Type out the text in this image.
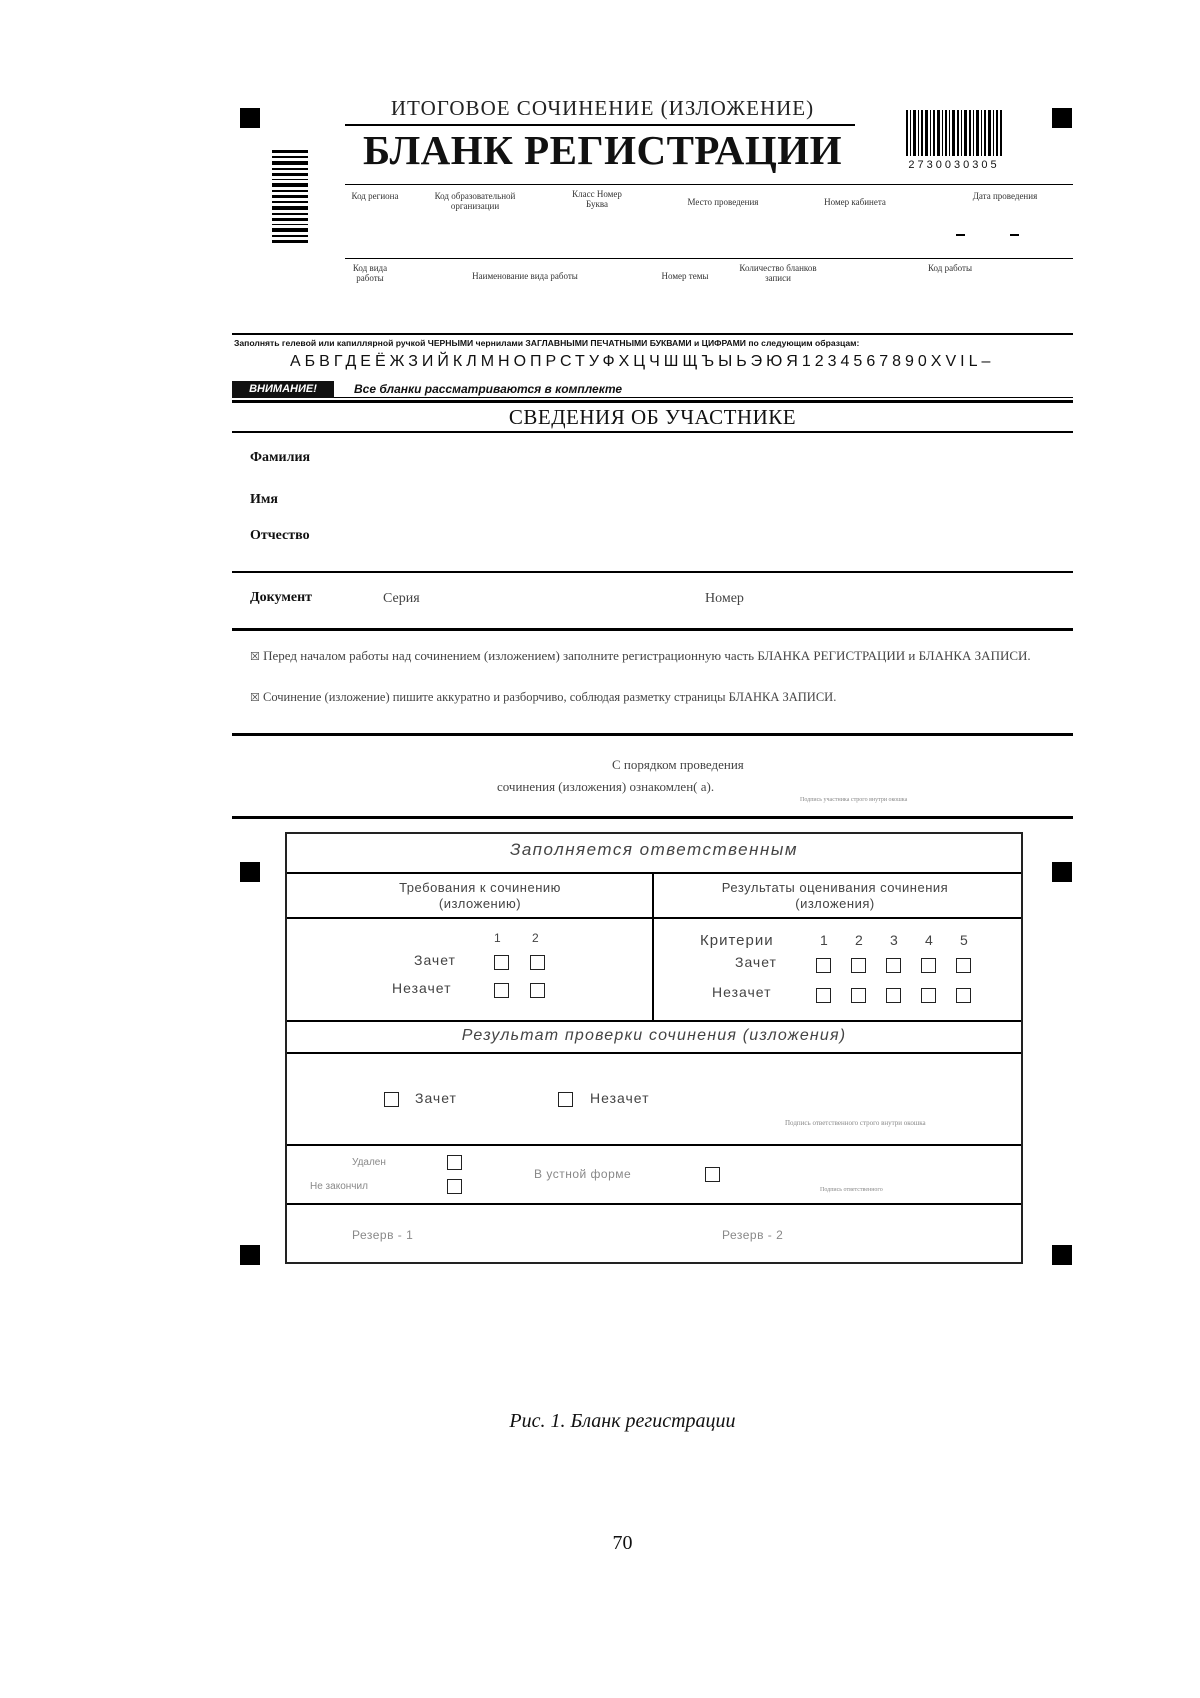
ИТОГОВОЕ СОЧИНЕНИЕ (ИЗЛОЖЕНИЕ)
БЛАНК РЕГИСТРАЦИИ	2730030305
Код региона	Код образовательной организации
Класс Номер Буква	Место проведения	Номер кабинета
Дата проведения
Код вида работы	Наименование вида работы	Номер темы
Количество бланков записи
Код работы
Заполнять гелевой или капиллярной ручкой ЧЕРНЫМИ чернилами ЗАГЛАВНЫМИ ПЕЧАТНЫМИ БУКВАМИ и ЦИФРАМИ по следующим образцам:
АБВГДЕЁЖЗИЙКЛМНОПРСТУФХЦЧШЩЪЫЬЭЮЯ1234567890XVIL–
ВНИМАНИЕ!	Все бланки рассматриваются в комплекте
СВЕДЕНИЯ ОБ УЧАСТНИКЕ
Фамилия
Имя
Отчество
Документ	Серия	Номер
☒ Перед началом работы над сочинением (изложением) заполните регистрационную часть БЛАНКА РЕГИСТРАЦИИ и БЛАНКА ЗАПИСИ.
☒ Сочинение (изложение) пишите аккуратно и разборчиво, соблюдая разметку страницы БЛАНКА ЗАПИСИ.
С порядком проведения
сочинения (изложения) ознакомлен( а).
Подпись участника строго внутри окошка
Заполняется ответственным
Требования к сочинению (изложению)
Результаты оценивания сочинения (изложения)
1	2
Зачет
Незачет
Критерии	1 2 3 4 5
Зачет
Незачет
Результат проверки сочинения (изложения)
Зачет	Незачет
Подпись ответственного строго внутри окошка
Удален
Не закончил
В устной форме
Подпись ответственного
Резерв - 1	Резерв - 2
Рис. 1. Бланк регистрации
70
